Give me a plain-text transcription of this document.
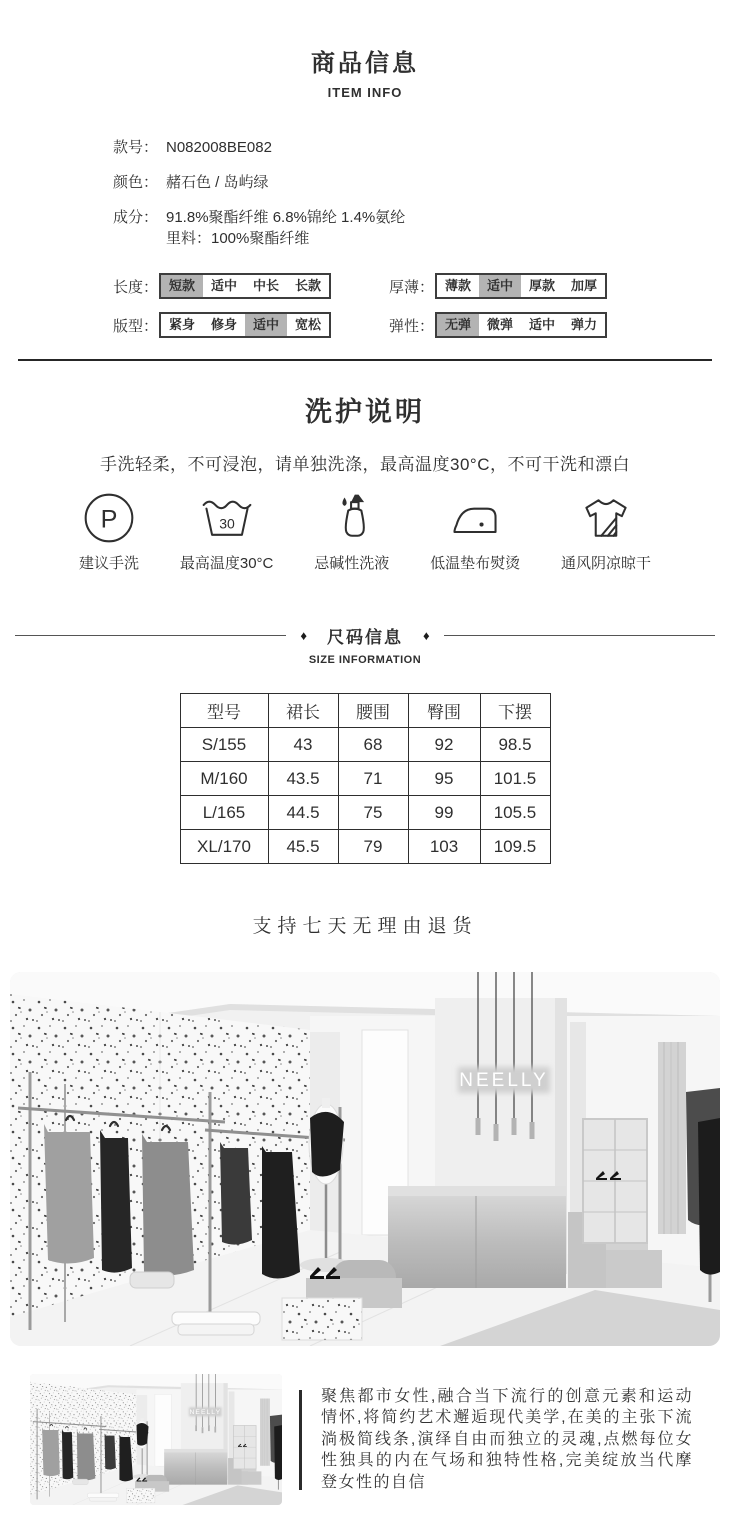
商品信息
ITEM INFO
款号： N082008BE082
颜色： 赭石色 / 岛屿绿
成分： 91.8%聚酯纤维 6.8%锦纶 1.4%氨纶
里料：100%聚酯纤维
长度： 短款	适中	中长	长款	厚薄： 薄款	适中	厚款	加厚
版型： 紧身	修身	适中	宽松	弹性： 无弹	微弹	适中	弹力
洗护说明
手洗轻柔，不可浸泡，请单独洗涤，最高温度30°C，不可干洗和漂白
P
建议手洗
30
最高温度30°C	忌碱性洗液	低温垫布熨烫	通风阴凉晾干
♦	尺码信息	♦
SIZE INFORMATION
型号	裙长	腰围	臀围	下摆
S/155	43	68	92	98.5
M/160	43.5	71	95	101.5
L/165	44.5	75	99	105.5
XL/170	45.5	79	103	109.5
支持七天无理由退货

聚焦都市女性,融合当下流行的创意元素和运动情怀,将简约艺术邂逅现代美学,在美的主张下流淌极简线条,演绎自由而独立的灵魂,点燃每位女性独具的内在气场和独特性格,完美绽放当代摩登女性的自信
